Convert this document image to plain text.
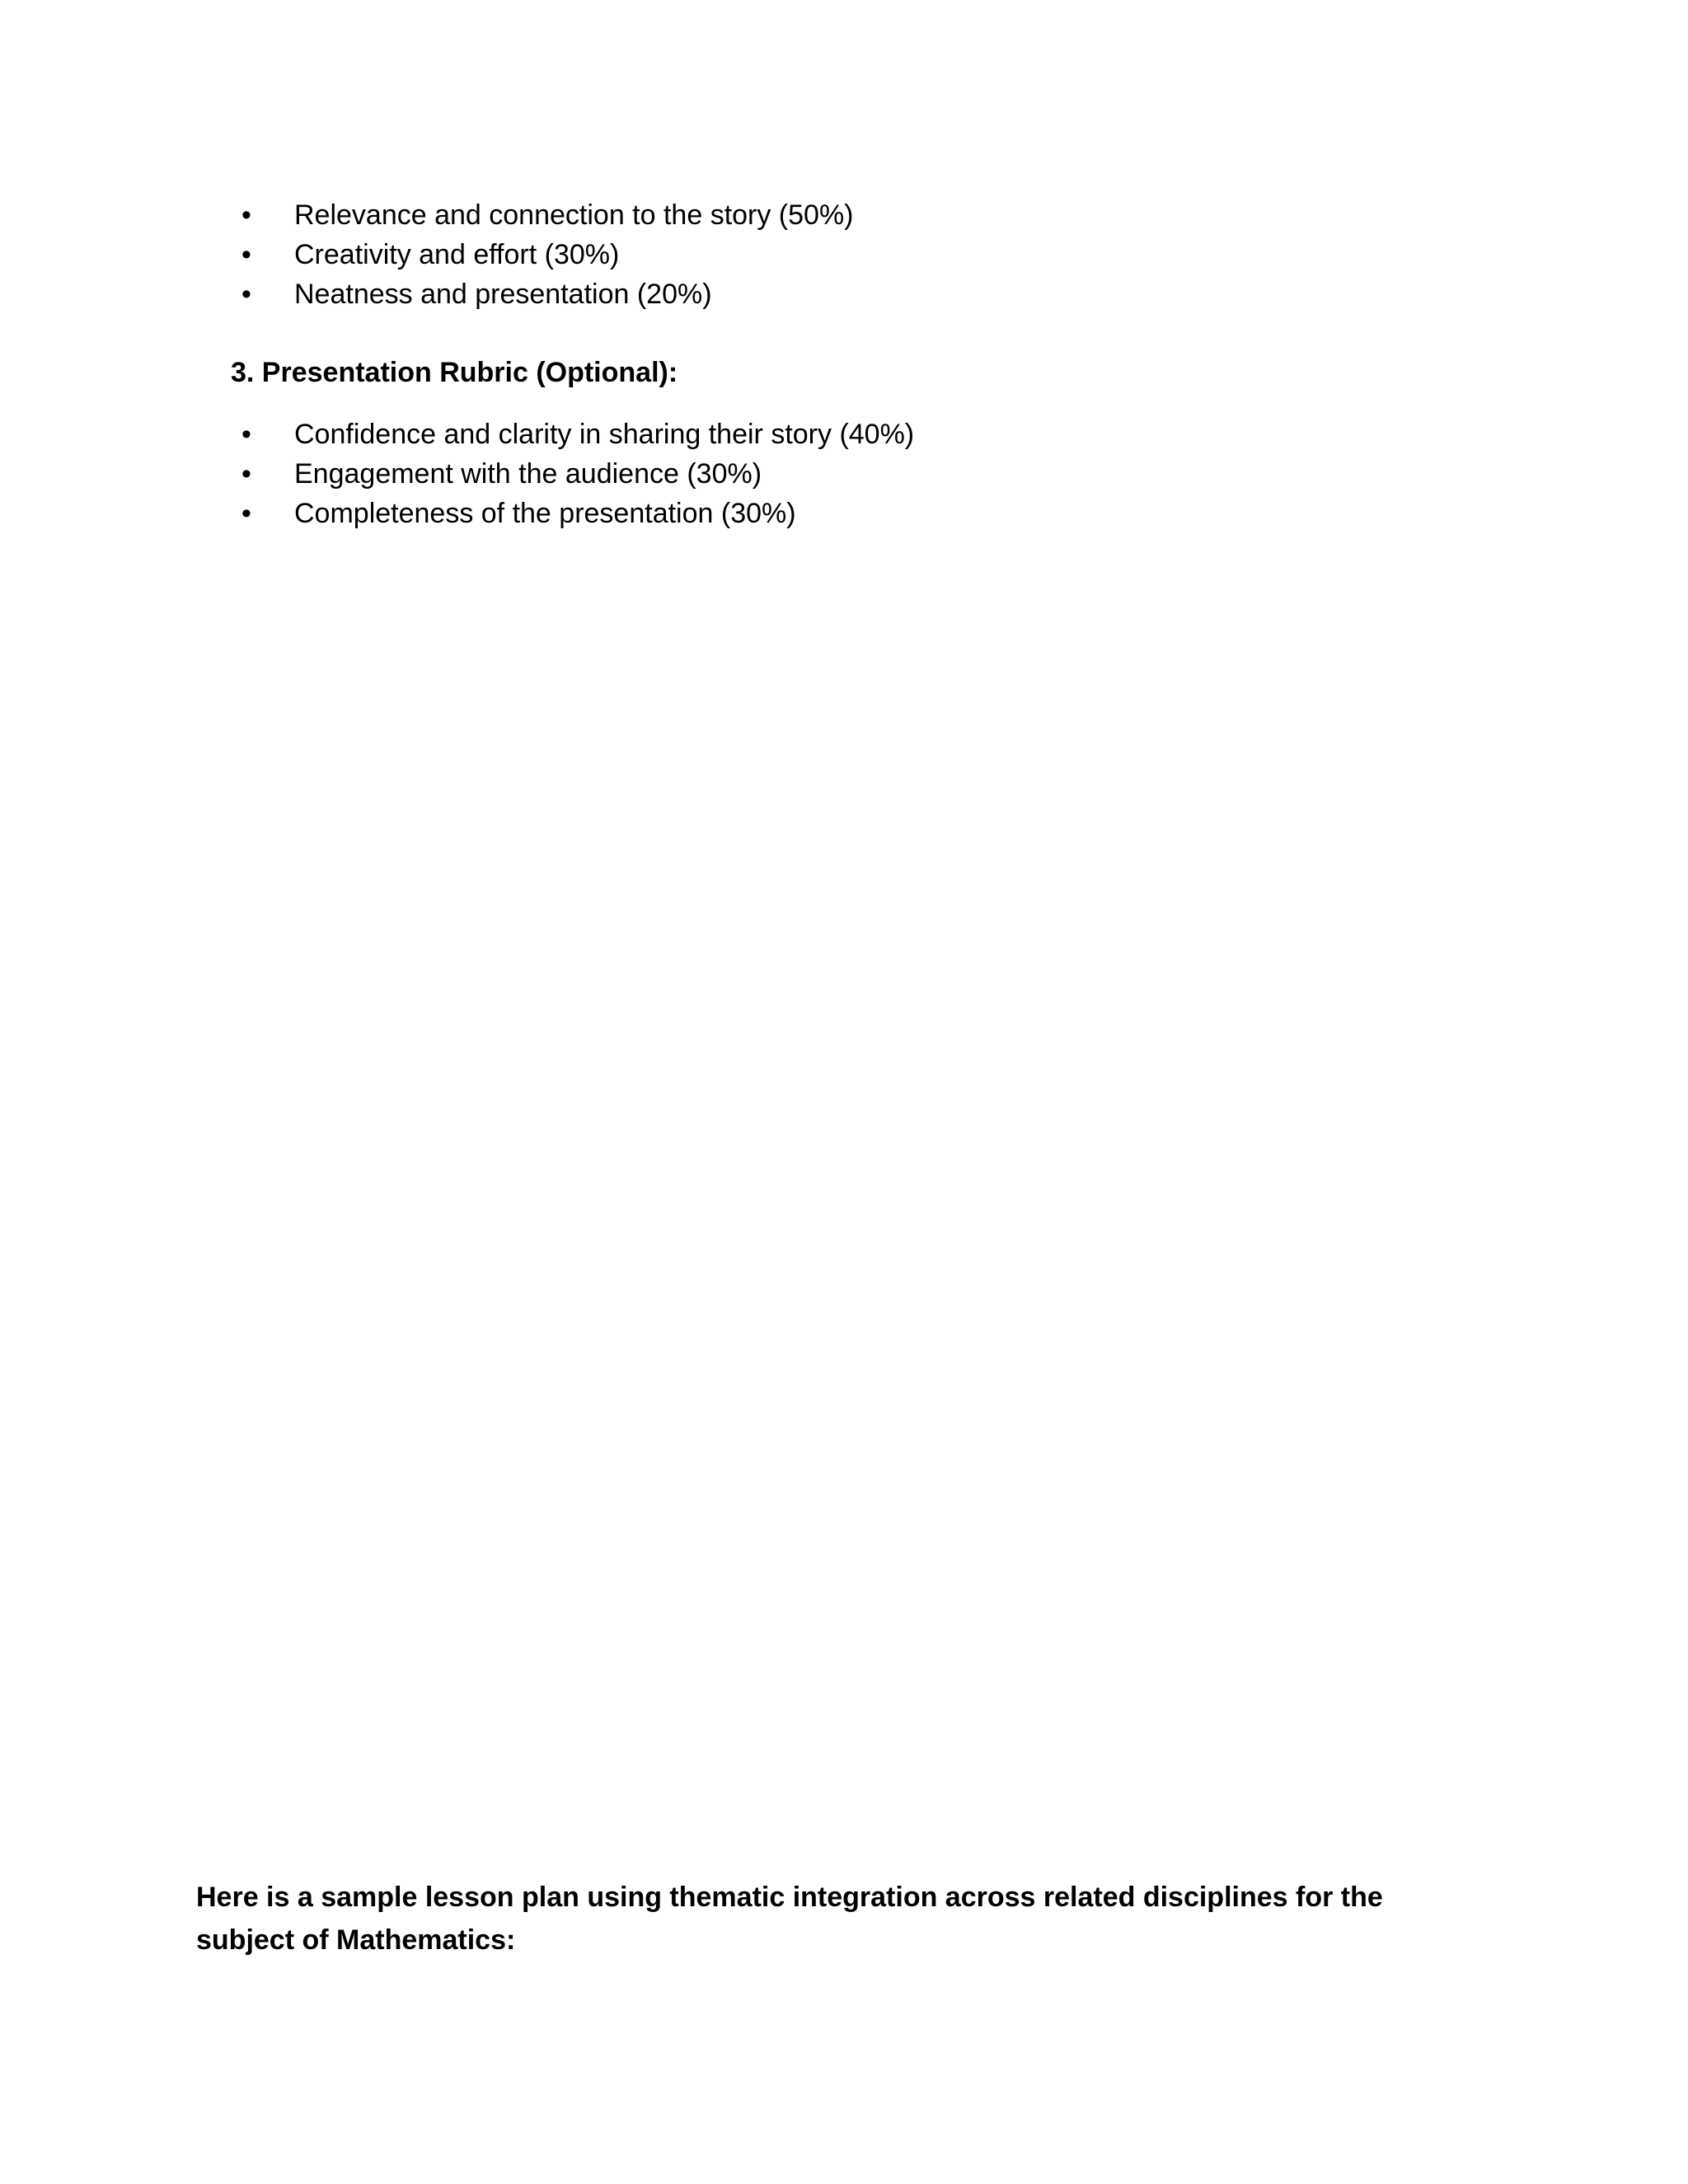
• Relevance and connection to the story (50%)
• Creativity and effort (30%)
• Neatness and presentation (20%)
3. Presentation Rubric (Optional):
• Confidence and clarity in sharing their story (40%)
• Engagement with the audience (30%)
• Completeness of the presentation (30%)

Here is a sample lesson plan using thematic integration across related disciplines for the subject of Mathematics:
